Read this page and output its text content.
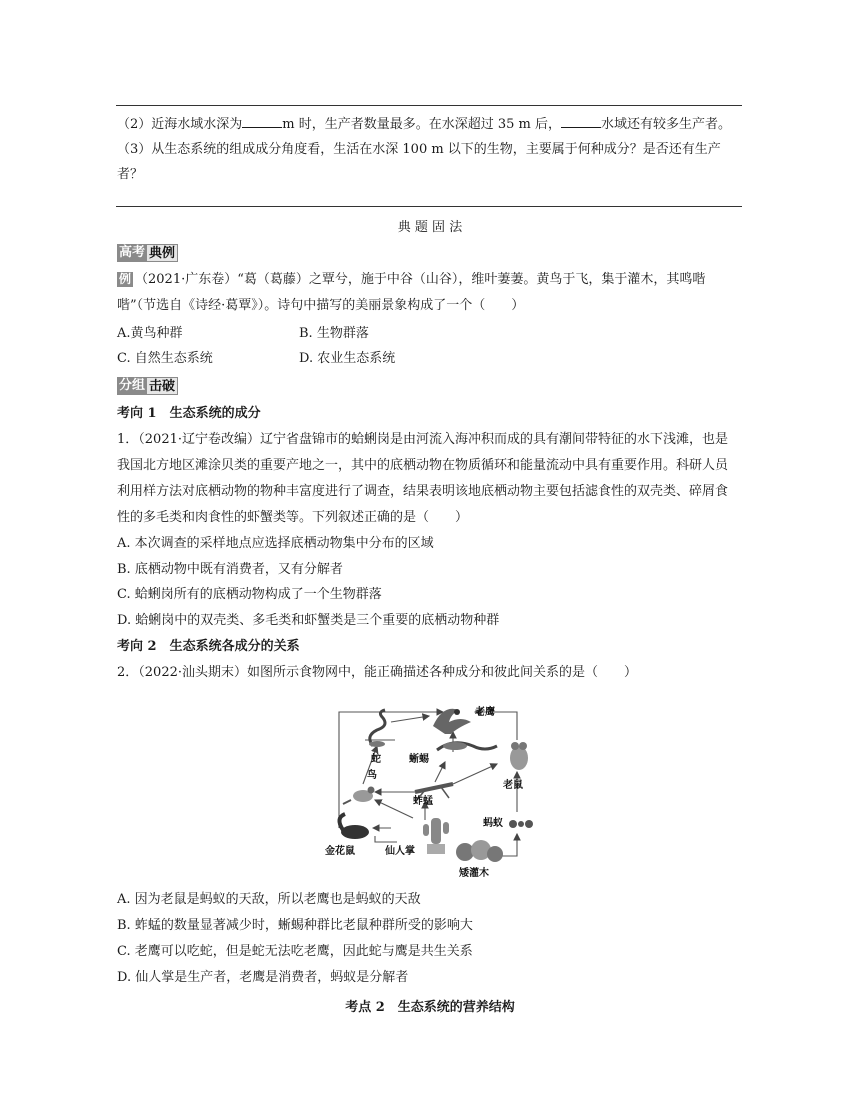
（2）近海水域水深为	m 时，生产者数量最多。在水深超过 35 m 后，	水域还有较多生产者。
（3）从生态系统的组成成分角度看，生活在水深 100 m 以下的生物，主要属于何种成分？是否还有生产
者？
典 题 固 法
高考 典例
例 （2021·广东卷）“葛（葛藤）之覃兮，施于中谷（山谷），维叶萋萋。黄鸟于飞，集于灌木，其鸣喈
喈”（节选自《诗经·葛覃》）。诗句中描写的美丽景象构成了一个（　　）
A.黄鸟种群	B. 生物群落
C. 自然生态系统	D. 农业生态系统
分组 击破
考向 1　生态系统的成分
1．（2021·辽宁卷改编）辽宁省盘锦市的蛤蜊岗是由河流入海冲积而成的具有潮间带特征的水下浅滩，也是
我国北方地区滩涂贝类的重要产地之一，其中的底栖动物在物质循环和能量流动中具有重要作用。科研人员
利用样方法对底栖动物的物种丰富度进行了调查，结果表明该地底栖动物主要包括滤食性的双壳类、碎屑食
性的多毛类和肉食性的虾蟹类等。下列叙述正确的是（　　）
A. 本次调查的采样地点应选择底栖动物集中分布的区域
B. 底栖动物中既有消费者，又有分解者
C. 蛤蜊岗所有的底栖动物构成了一个生物群落
D. 蛤蜊岗中的双壳类、多毛类和虾蟹类是三个重要的底栖动物种群
考向 2　生态系统各成分的关系
2．（2022·汕头期末）如图所示食物网中，能正确描述各种成分和彼此间关系的是（　　）
老鹰
蛇	蜥蜴
老鼠
鸟
蚱蜢
蚂蚁
金花鼠	仙人掌
矮灌木
A. 因为老鼠是蚂蚁的天敌，所以老鹰也是蚂蚁的天敌
B. 蚱蜢的数量显著减少时，蜥蜴种群比老鼠种群所受的影响大
C. 老鹰可以吃蛇，但是蛇无法吃老鹰，因此蛇与鹰是共生关系
D. 仙人掌是生产者，老鹰是消费者，蚂蚁是分解者
考点 2　生态系统的营养结构
